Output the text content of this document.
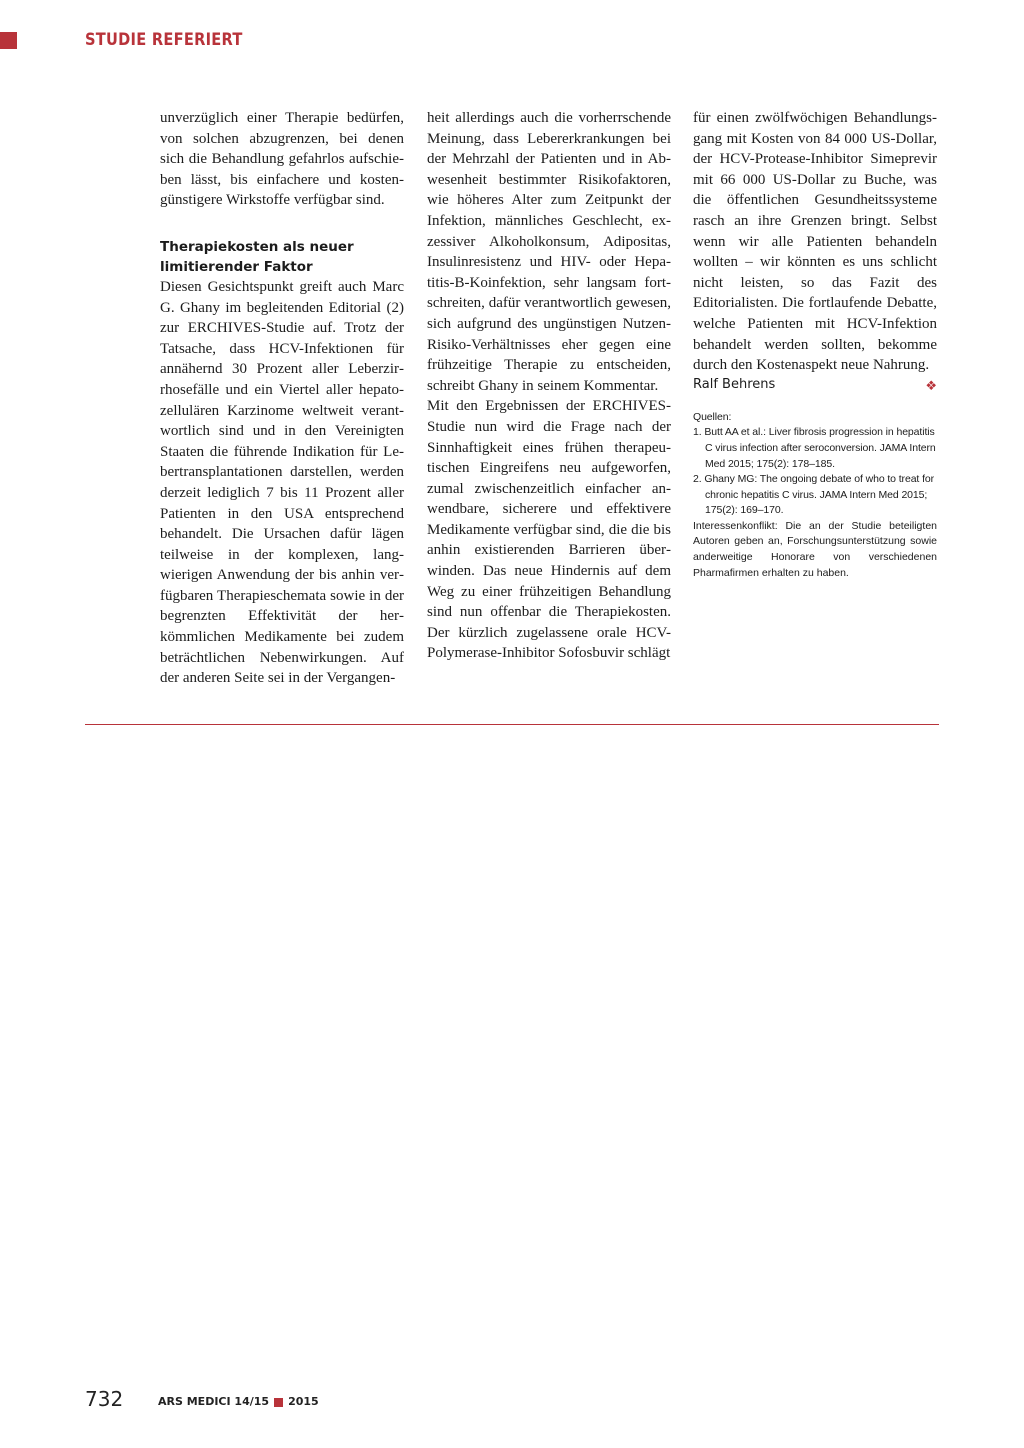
STUDIE REFERIERT

unverzüglich einer Therapie bedürfen, von solchen abzugrenzen, bei denen sich die Behandlung gefahrlos aufschieben lässt, bis einfachere und kostengünstigere Wirkstoffe verfügbar sind.

Therapiekosten als neuer limitierender Faktor

Diesen Gesichtspunkt greift auch Marc G. Ghany im begleitenden Editorial (2) zur ERCHIVES-Studie auf. Trotz der Tatsache, dass HCV-Infektionen für annähernd 30 Prozent aller Leberzirrhosefälle und ein Viertel aller hepatozellulären Karzinome weltweit verantwortlich sind und in den Vereinigten Staaten die führende Indikation für Lebertransplantationen darstellen, werden derzeit lediglich 7 bis 11 Prozent aller Patienten in den USA entsprechend behandelt. Die Ursachen dafür lägen teilweise in der komplexen, langwierigen Anwendung der bis anhin verfügbaren Therapieschemata sowie in der begrenzten Effektivität der herkömmlichen Medikamente bei zudem beträchtlichen Nebenwirkungen. Auf der anderen Seite sei in der Vergangen-

heit allerdings auch die vorherrschende Meinung, dass Lebererkrankungen bei der Mehrzahl der Patienten und in Abwesenheit bestimmter Risikofaktoren, wie höheres Alter zum Zeitpunkt der Infektion, männliches Geschlecht, exzessiver Alkoholkonsum, Adipositas, Insulinresistenz und HIV- oder Hepatitis-B-Koinfektion, sehr langsam fortschreiten, dafür verantwortlich gewesen, sich aufgrund des ungünstigen Nutzen-Risiko-Verhältnisses eher gegen eine frühzeitige Therapie zu entscheiden, schreibt Ghany in seinem Kommentar.

Mit den Ergebnissen der ERCHIVES-Studie nun wird die Frage nach der Sinnhaftigkeit eines frühen therapeutischen Eingreifens neu aufgeworfen, zumal zwischenzeitlich einfacher anwendbare, sicherere und effektivere Medikamente verfügbar sind, die die bis anhin existierenden Barrieren überwinden. Das neue Hindernis auf dem Weg zu einer frühzeitigen Behandlung sind nun offenbar die Therapiekosten. Der kürzlich zugelassene orale HCV-Polymerase-Inhibitor Sofosbuvir schlägt

für einen zwölfwöchigen Behandlungsgang mit Kosten von 84 000 US-Dollar, der HCV-Protease-Inhibitor Simeprevir mit 66 000 US-Dollar zu Buche, was die öffentlichen Gesundheitssysteme rasch an ihre Grenzen bringt. Selbst wenn wir alle Patienten behandeln wollten – wir könnten es uns schlicht nicht leisten, so das Fazit des Editorialisten. Die fortlaufende Debatte, welche Patienten mit HCV-Infektion behandelt werden sollten, bekomme durch den Kostenaspekt neue Nahrung.
❖

Ralf Behrens

Quellen:

1. Butt AA et al.: Liver fibrosis progression in hepatitis C virus infection after seroconversion. JAMA Intern Med 2015; 175(2): 178–185.

2. Ghany MG: The ongoing debate of who to treat for chronic hepatitis C virus. JAMA Intern Med 2015; 175(2): 169–170.

Interessenkonflikt: Die an der Studie beteiligten Autoren geben an, Forschungsunterstützung sowie anderweitige Honorare von verschiedenen Pharmafirmen erhalten zu haben.

732	ARS MEDICI 14/15 2015
